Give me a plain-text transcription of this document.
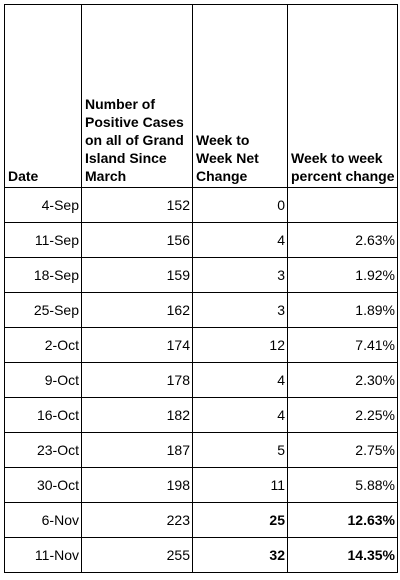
Date	Number of Positive Cases on all of Grand Island Since March	Week to Week Net Change	Week to week percent change
4-Sep	152	0	
11-Sep	156	4	2.63%
18-Sep	159	3	1.92%
25-Sep	162	3	1.89%
2-Oct	174	12	7.41%
9-Oct	178	4	2.30%
16-Oct	182	4	2.25%
23-Oct	187	5	2.75%
30-Oct	198	11	5.88%
6-Nov	223	25	12.63%
11-Nov	255	32	14.35%
